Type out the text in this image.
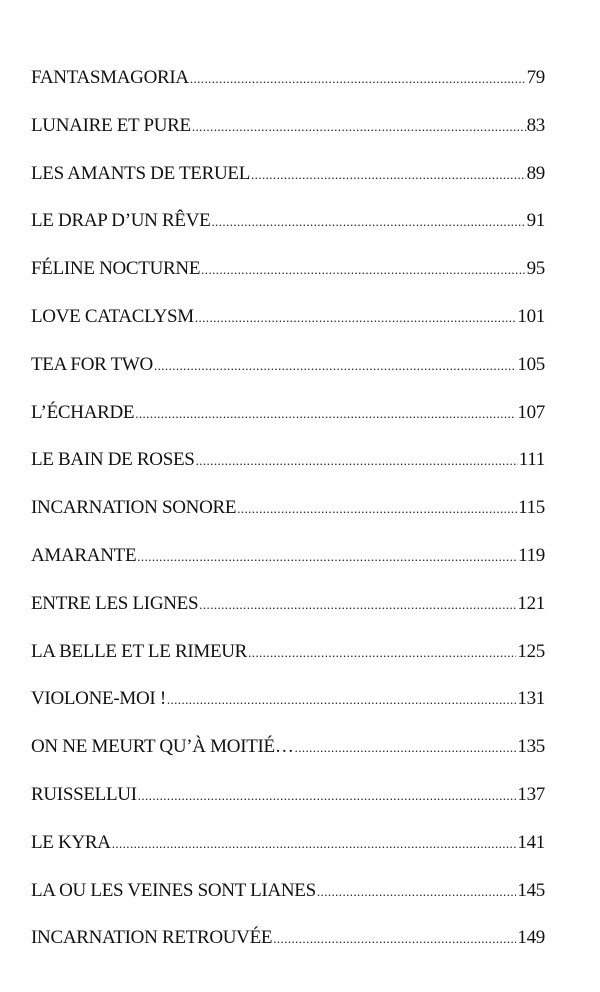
FANTASMAGORIA .....	79
LUNAIRE ET PURE .....	83
LES AMANTS DE TERUEL .....	89
LE DRAP D’UN RÊVE .....	91
FÉLINE NOCTURNE .....	95
LOVE CATACLYSM .....	101
TEA FOR TWO .....	105
L’ÉCHARDE .....	107
LE BAIN DE ROSES .....	111
INCARNATION SONORE .....	115
AMARANTE .....	119
ENTRE LES LIGNES .....	121
LA BELLE ET LE RIMEUR .....	125
VIOLONE-MOI ! .....	131
ON NE MEURT QU’À MOITIÉ… .....	135
RUISSELLUI .....	137
LE KYRA .....	141
LA OU LES VEINES SONT LIANES .....	145
INCARNATION RETROUVÉE .....	149
